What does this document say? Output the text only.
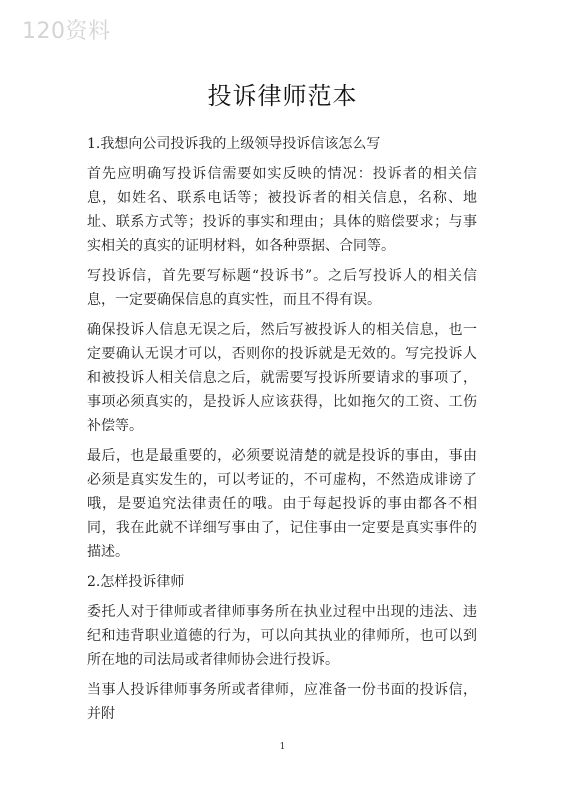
120资料
投诉律师范本

1.我想向公司投诉我的上级领导投诉信该怎么写

首先应明确写投诉信需要如实反映的情况：投诉者的相关信息，如姓名、联系电话等；被投诉者的相关信息，名称、地址、联系方式等；投诉的事实和理由；具体的赔偿要求；与事实相关的真实的证明材料，如各种票据、合同等。

写投诉信，首先要写标题“投诉书”。之后写投诉人的相关信息，一定要确保信息的真实性，而且不得有误。

确保投诉人信息无误之后，然后写被投诉人的相关信息，也一定要确认无误才可以，否则你的投诉就是无效的。写完投诉人和被投诉人相关信息之后，就需要写投诉所要请求的事项了，事项必须真实的，是投诉人应该获得，比如拖欠的工资、工伤补偿等。

最后，也是最重要的，必须要说清楚的就是投诉的事由，事由必须是真实发生的，可以考证的，不可虚构，不然造成诽谤了哦，是要追究法律责任的哦。由于每起投诉的事由都各不相同，我在此就不详细写事由了，记住事由一定要是真实事件的描述。

2.怎样投诉律师

委托人对于律师或者律师事务所在执业过程中出现的违法、违纪和违背职业道德的行为，可以向其执业的律师所，也可以到所在地的司法局或者律师协会进行投诉。

当事人投诉律师事务所或者律师，应准备一份书面的投诉信，并附

1
